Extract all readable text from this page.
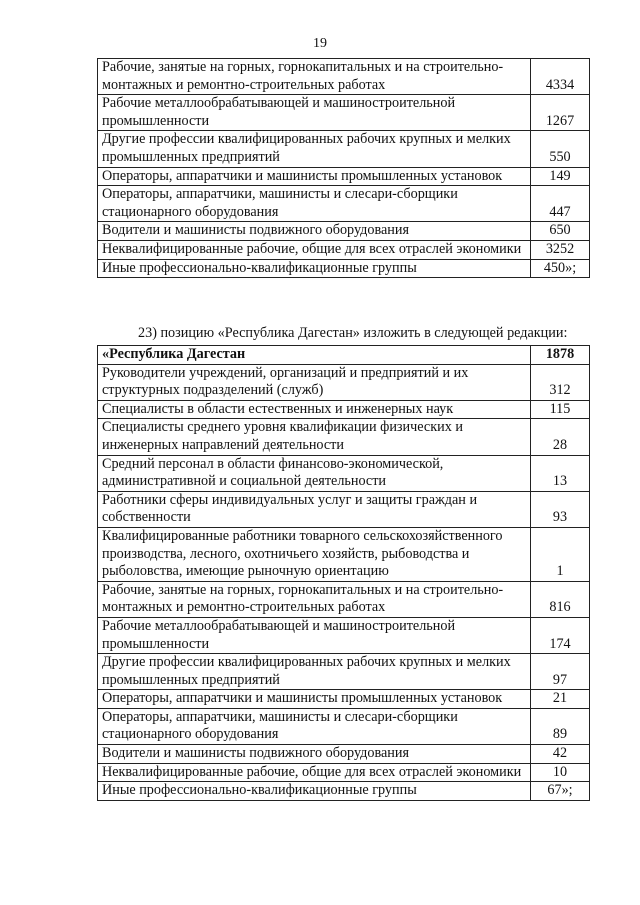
19
Рабочие, занятые на горных, горнокапитальных и на строительно-монтажных и ремонтно-строительных работах	4334
Рабочие металлообрабатывающей и машиностроительной промышленности	1267
Другие профессии квалифицированных рабочих крупных и мелких промышленных предприятий	550
Операторы, аппаратчики и машинисты промышленных установок	149
Операторы, аппаратчики, машинисты и слесари-сборщики стационарного оборудования	447
Водители и машинисты подвижного оборудования	650
Неквалифицированные рабочие, общие для всех отраслей экономики	3252
Иные профессионально-квалификационные группы	450»;
23) позицию «Республика Дагестан» изложить в следующей редакции:
«Республика Дагестан	1878
Руководители учреждений, организаций и предприятий и их структурных подразделений (служб)	312
Специалисты в области естественных и инженерных наук	115
Специалисты среднего уровня квалификации физических и инженерных направлений деятельности	28
Средний персонал в области финансово-экономической, административной и социальной деятельности	13
Работники сферы индивидуальных услуг и защиты граждан и собственности	93
Квалифицированные работники товарного сельскохозяйственного производства, лесного, охотничьего хозяйств, рыбоводства и рыболовства, имеющие рыночную ориентацию	1
Рабочие, занятые на горных, горнокапитальных и на строительно-монтажных и ремонтно-строительных работах	816
Рабочие металлообрабатывающей и машиностроительной промышленности	174
Другие профессии квалифицированных рабочих крупных и мелких промышленных предприятий	97
Операторы, аппаратчики и машинисты промышленных установок	21
Операторы, аппаратчики, машинисты и слесари-сборщики стационарного оборудования	89
Водители и машинисты подвижного оборудования	42
Неквалифицированные рабочие, общие для всех отраслей экономики	10
Иные профессионально-квалификационные группы	67»;
